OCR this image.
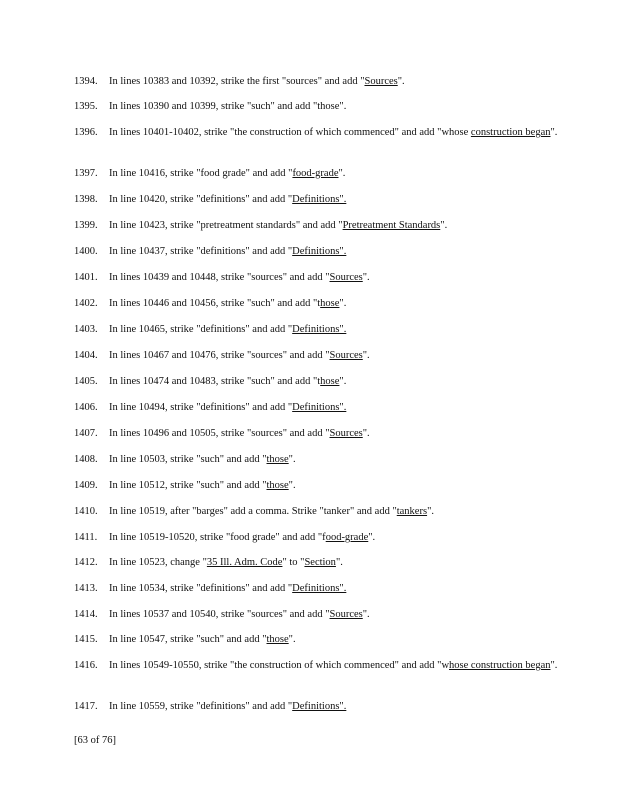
1394.	In lines 10383 and 10392, strike the first "sources" and add "Sources".
1395.	In lines 10390 and 10399, strike "such" and add "those".
1396.	In lines 10401-10402, strike "the construction of which commenced" and add "whose construction began".
1397.	In line 10416, strike "food grade" and add "food-grade".
1398.	In line 10420, strike "definitions" and add "Definitions".
1399.	In line 10423, strike "pretreatment standards" and add "Pretreatment Standards".
1400.	In line 10437, strike "definitions" and add "Definitions".
1401.	In lines 10439 and 10448, strike "sources" and add "Sources".
1402.	In lines 10446 and 10456, strike "such" and add "those".
1403.	In line 10465, strike "definitions" and add "Definitions".
1404.	In lines 10467 and 10476, strike "sources" and add "Sources".
1405.	In lines 10474 and 10483, strike "such" and add "those".
1406.	In line 10494, strike "definitions" and add "Definitions".
1407.	In lines 10496 and 10505, strike "sources" and add "Sources".
1408.	In line 10503, strike "such" and add "those".
1409.	In line 10512, strike "such" and add "those".
1410.	In line 10519, after "barges" add a comma. Strike "tanker" and add "tankers".
1411.	In line 10519-10520, strike "food grade" and add "food-grade".
1412.	In line 10523, change "35 Ill. Adm. Code" to "Section".
1413.	In line 10534, strike "definitions" and add "Definitions".
1414.	In lines 10537 and 10540, strike "sources" and add "Sources".
1415.	In line 10547, strike "such" and add "those".
1416.	In lines 10549-10550, strike "the construction of which commenced" and add "whose construction began".
1417.	In line 10559, strike "definitions" and add "Definitions".
[63 of 76]
